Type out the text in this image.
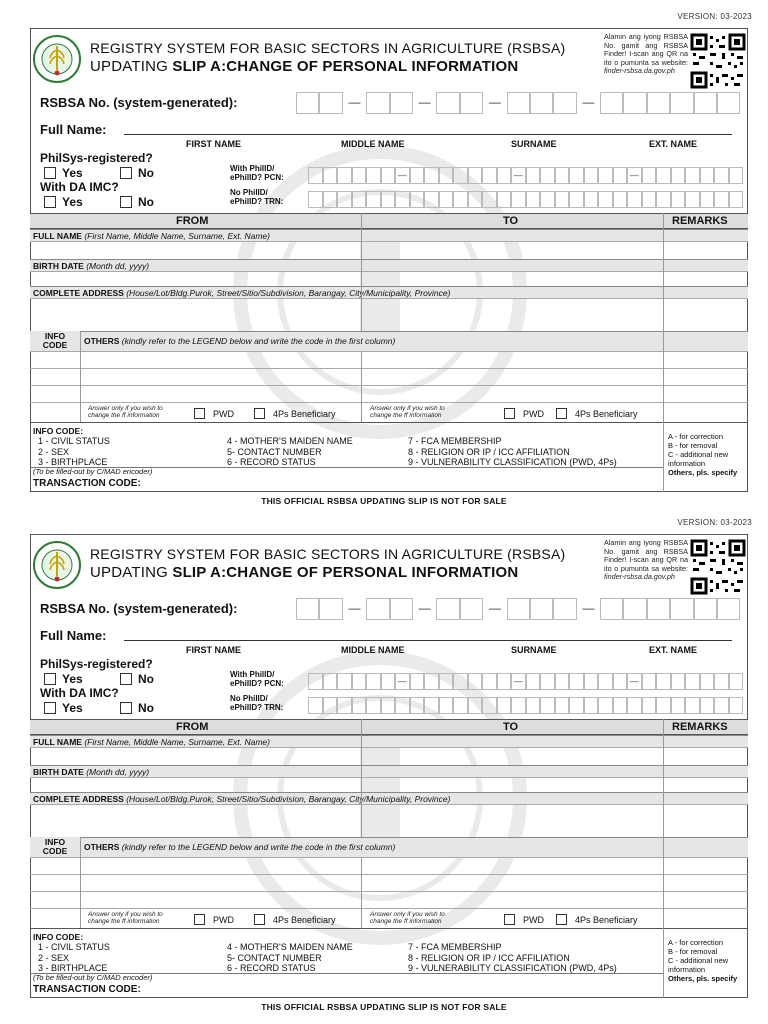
VERSION: 03-2023
REGISTRY SYSTEM FOR BASIC SECTORS IN AGRICULTURE (RSBSA)
UPDATING SLIP A:CHANGE OF PERSONAL INFORMATION
Alamin ang iyong RSBSA No. gamit ang RSBSA Finder! I-scan ang QR na ito o pumunta sa website: finder-rsbsa.da.gov.ph
RSBSA No. (system-generated):	—	—	—	—
Full Name:
FIRST NAME	MIDDLE NAME	SURNAME	EXT. NAME
PhilSys-registered?
Yes	No
With DA IMC?
Yes	No
With PhilID/
ePhilID? PCN:	—	—	—
No PhilID/
ePhilID? TRN:
FROM	TO	REMARKS
FULL NAME (First Name, Middle Name, Surname, Ext. Name)
BIRTH DATE (Month dd, yyyy)
COMPLETE ADDRESS (House/Lot/Bldg.Purok, Street/Sitio/Subdivision, Barangay, City/Municipality, Province)
INFO
CODE	OTHERS (kindly refer to the LEGEND below and write the code in the first column)
Answer only if you wish to
change the ff information	PWD	4Ps Beneficiary	Answer only if you wish to
change the ff information	PWD	4Ps Beneficiary
INFO CODE:
1 - CIVIL STATUS
2 - SEX
3 - BIRTHPLACE
4 - MOTHER'S MAIDEN NAME
5- CONTACT NUMBER
6 - RECORD STATUS
7 - FCA MEMBERSHIP
8 - RELIGION OR IP / ICC AFFILIATION
9 - VULNERABILITY CLASSIFICATION (PWD, 4Ps)
(To be filled-out by C/MAD encoder)
TRANSACTION CODE:
A - for correction
B - for removal
C - additional new information
Others, pls. specify
THIS OFFICIAL RSBSA UPDATING SLIP IS NOT FOR SALE
VERSION: 03-2023
REGISTRY SYSTEM FOR BASIC SECTORS IN AGRICULTURE (RSBSA)
UPDATING SLIP A:CHANGE OF PERSONAL INFORMATION
Alamin ang iyong RSBSA No. gamit ang RSBSA Finder! I-scan ang QR na ito o pumunta sa website: finder-rsbsa.da.gov.ph
RSBSA No. (system-generated):	—	—	—	—
Full Name:
FIRST NAME	MIDDLE NAME	SURNAME	EXT. NAME
PhilSys-registered?
Yes	No
With DA IMC?
Yes	No
With PhilID/
ePhilID? PCN:	—	—	—
No PhilID/
ePhilID? TRN:
FROM	TO	REMARKS
FULL NAME (First Name, Middle Name, Surname, Ext. Name)
BIRTH DATE (Month dd, yyyy)
COMPLETE ADDRESS (House/Lot/Bldg.Purok, Street/Sitio/Subdivision, Barangay, City/Municipality, Province)
INFO
CODE	OTHERS (kindly refer to the LEGEND below and write the code in the first column)
Answer only if you wish to
change the ff information	PWD	4Ps Beneficiary	Answer only if you wish to
change the ff information	PWD	4Ps Beneficiary
INFO CODE:
1 - CIVIL STATUS
2 - SEX
3 - BIRTHPLACE
4 - MOTHER'S MAIDEN NAME
5- CONTACT NUMBER
6 - RECORD STATUS
7 - FCA MEMBERSHIP
8 - RELIGION OR IP / ICC AFFILIATION
9 - VULNERABILITY CLASSIFICATION (PWD, 4Ps)
(To be filled-out by C/MAD encoder)
TRANSACTION CODE:
A - for correction
B - for removal
C - additional new information
Others, pls. specify
THIS OFFICIAL RSBSA UPDATING SLIP IS NOT FOR SALE
